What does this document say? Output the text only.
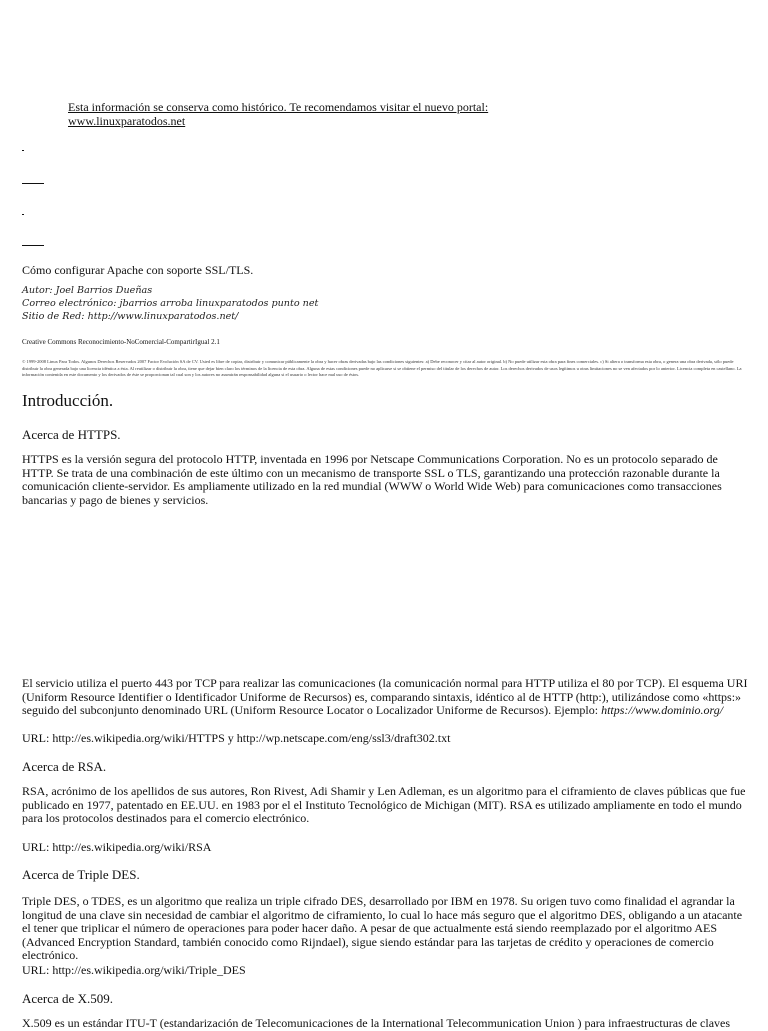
Esta información se conserva como histórico. Te recomendamos visitar el nuevo portal:
www.linuxparatodos.net
Cómo configurar Apache con soporte SSL/TLS.
Autor: Joel Barrios Dueñas
Correo electrónico: jbarrios arroba linuxparatodos punto net
Sitio de Red: http://www.linuxparatodos.net/
Creative Commons Reconocimiento-NoComercial-CompartirIgual 2.1
© 1999-2008 Linux Para Todos. Algunos Derechos Reservados 2007 Factor Evolución SA de CV. Usted es libre de copiar, distribuir y comunicar públicamente la obra y hacer obras derivadas bajo las condiciones siguientes: a) Debe reconocer y citar al autor original. b) No puede utilizar esta obra para fines comerciales. c) Si altera o transforma esta obra, o genera una obra derivada, sólo puede distribuir la obra generada bajo una licencia idéntica a ésta. Al reutilizar o distribuir la obra, tiene que dejar bien claro los términos de la licencia de esta obra. Alguna de estas condiciones puede no aplicarse si se obtiene el permiso del titular de los derechos de autor. Los derechos derivados de usos legítimos u otras limitaciones no se ven afectados por lo anterior. Licencia completa en castellano. La información contenida en este documento y los derivados de éste se proporcionan tal cual son y los autores no asumirán responsabilidad alguna si el usuario o lector hace mal uso de éstos.
Introducción.
Acerca de HTTPS.

HTTPS es la versión segura del protocolo HTTP, inventada en 1996 por Netscape Communications Corporation. No es un protocolo separado de HTTP. Se trata de una combinación de este último con un mecanismo de transporte SSL o TLS, garantizando una protección razonable durante la comunicación cliente-servidor. Es ampliamente utilizado en la red mundial (WWW o World Wide Web) para comunicaciones como transacciones bancarias y pago de bienes y servicios.

El servicio utiliza el puerto 443 por TCP para realizar las comunicaciones (la comunicación normal para HTTP utiliza el 80 por TCP). El esquema URI (Uniform Resource Identifier o Identificador Uniforme de Recursos) es, comparando sintaxis, idéntico al de HTTP (http:), utilizándose como «https:» seguido del subconjunto denominado URL (Uniform Resource Locator o Localizador Uniforme de Recursos). Ejemplo: https://www.dominio.org/

URL: http://es.wikipedia.org/wiki/HTTPS y http://wp.netscape.com/eng/ssl3/draft302.txt
Acerca de RSA.

RSA, acrónimo de los apellidos de sus autores, Ron Rivest, Adi Shamir y Len Adleman, es un algoritmo para el ciframiento de claves públicas que fue publicado en 1977, patentado en EE.UU. en 1983 por el el Instituto Tecnológico de Michigan (MIT). RSA es utilizado ampliamente en todo el mundo para los protocolos destinados para el comercio electrónico.

URL: http://es.wikipedia.org/wiki/RSA
Acerca de Triple DES.

Triple DES, o TDES, es un algoritmo que realiza un triple cifrado DES, desarrollado por IBM en 1978. Su origen tuvo como finalidad el agrandar la longitud de una clave sin necesidad de cambiar el algoritmo de ciframiento, lo cual lo hace más seguro que el algoritmo DES, obligando a un atacante el tener que triplicar el número de operaciones para poder hacer daño. A pesar de que actualmente está siendo reemplazado por el algoritmo AES (Advanced Encryption Standard, también conocido como Rijndael), sigue siendo estándar para las tarjetas de crédito y operaciones de comercio electrónico.

URL: http://es.wikipedia.org/wiki/Triple_DES
Acerca de X.509.

X.509 es un estándar ITU-T (estandarización de Telecomunicaciones de la International Telecommunication Union ) para infraestructuras de claves
